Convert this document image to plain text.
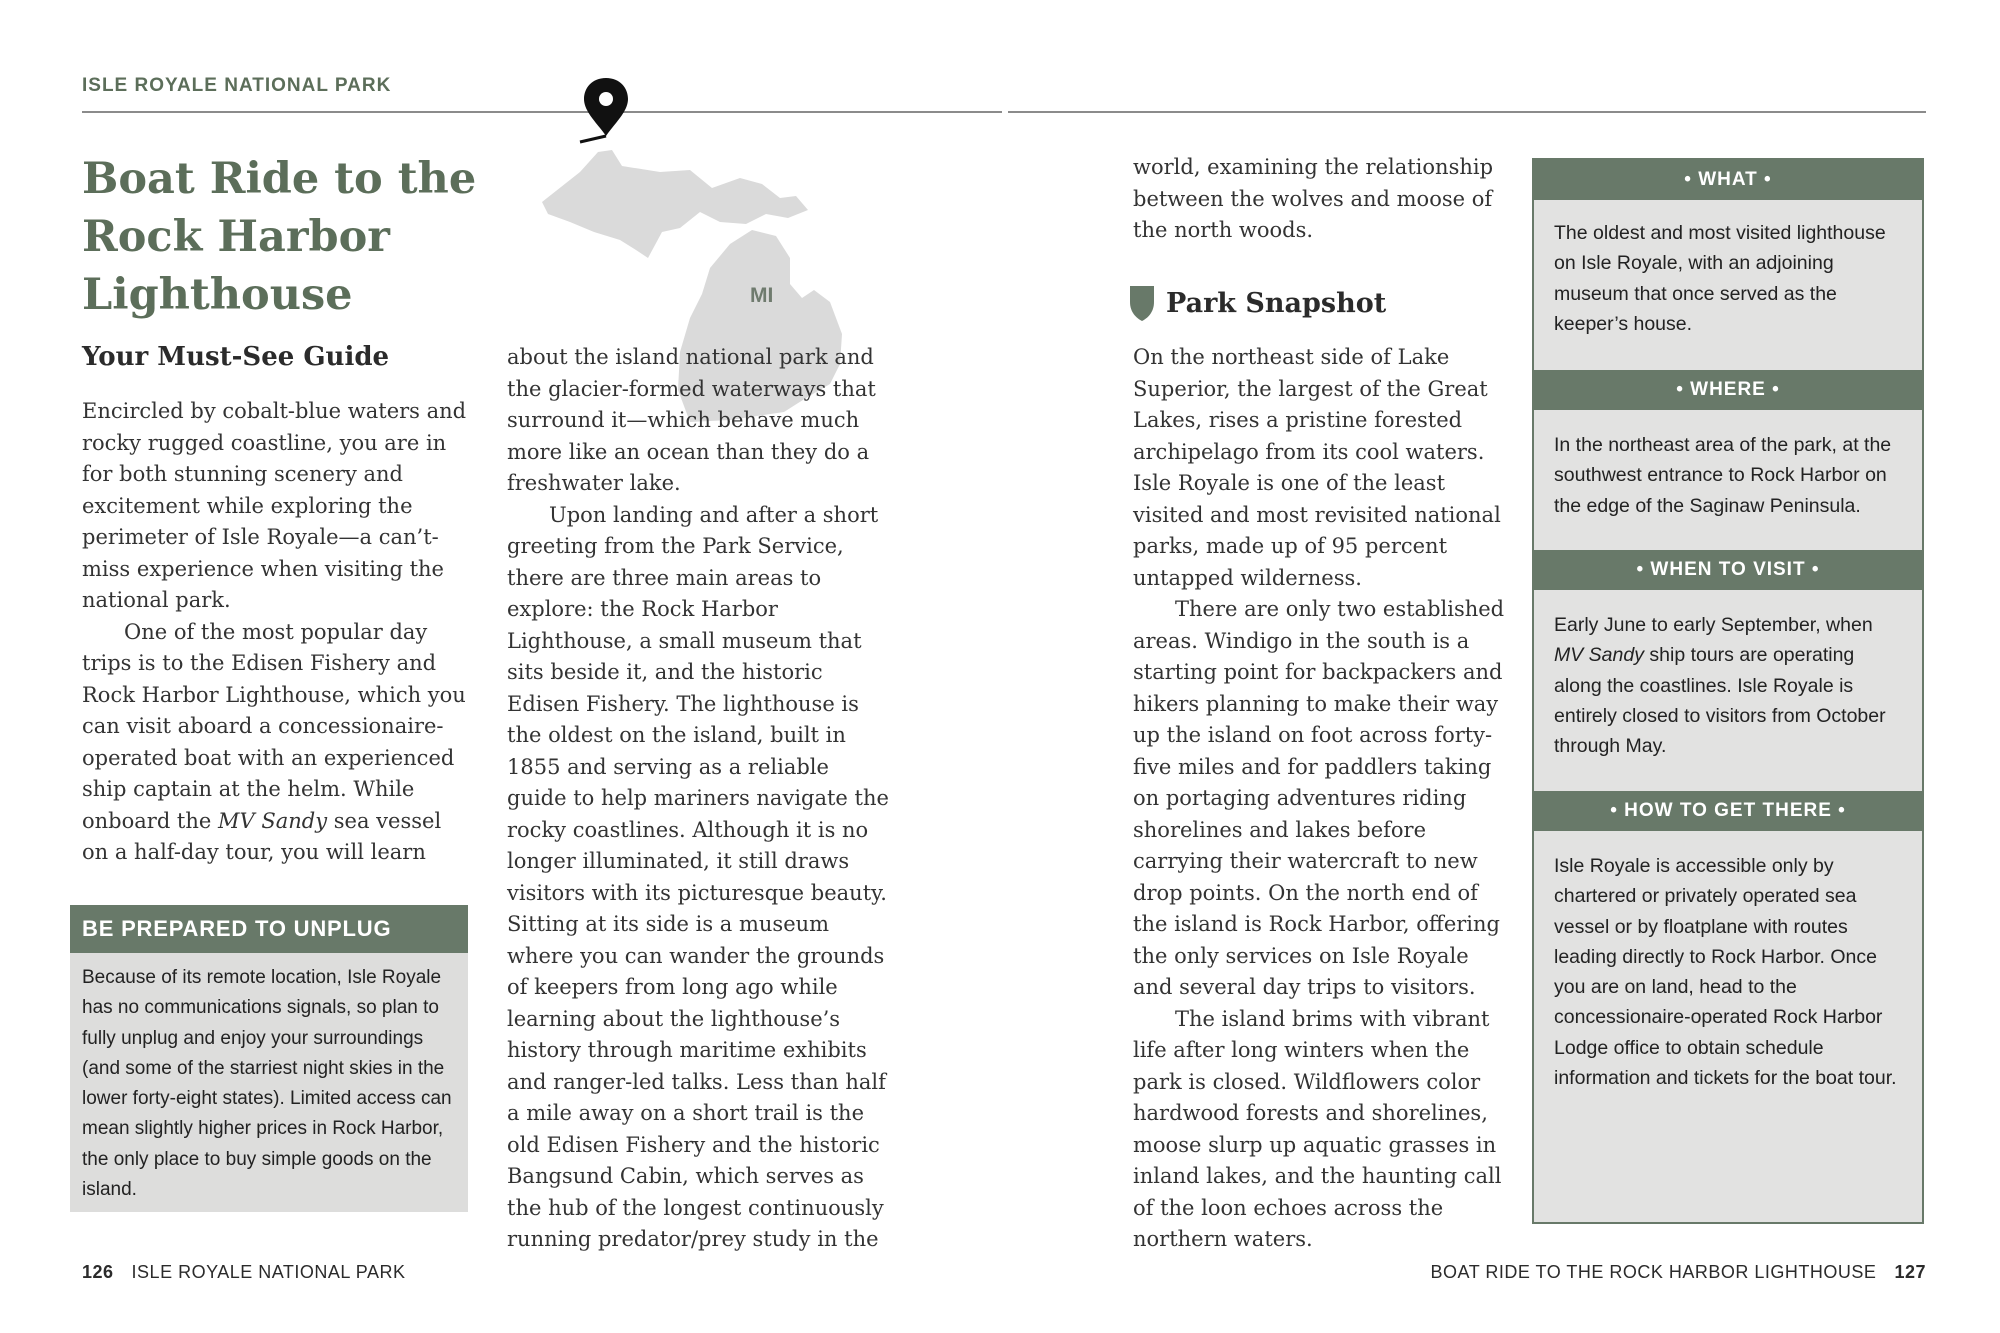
ISLE ROYALE NATIONAL PARK
MI
Boat Ride to the
Rock Harbor Lighthouse
Your Must-See Guide

Encircled by cobalt-blue waters and rocky rugged coastline, you are in for both stunning scenery and excitement while exploring the perimeter of Isle Royale—a can’t-miss experience when visiting the national park.

One of the most popular day trips is to the Edisen Fishery and Rock Harbor Lighthouse, which you can visit aboard a concessionaire-operated boat with an experienced ship captain at the helm. While onboard the MV Sandy sea vessel on a half-day tour, you will learn

BE PREPARED TO UNPLUG
Because of its remote location, Isle Royale has no communications signals, so plan to fully unplug and enjoy your surroundings (and some of the starriest night skies in the lower forty-eight states). Limited access can mean slightly higher prices in Rock Harbor, the only place to buy simple goods on the island.

about the island national park and the glacier-formed waterways that surround it—which behave much more like an ocean than they do a freshwater lake.

Upon landing and after a short greeting from the Park Service, there are three main areas to explore: the Rock Harbor Lighthouse, a small museum that sits beside it, and the historic Edisen Fishery. The lighthouse is the oldest on the island, built in 1855 and serving as a reliable guide to help mariners navigate the rocky coastlines. Although it is no longer illuminated, it still draws visitors with its picturesque beauty. Sitting at its side is a museum where you can wander the grounds of keepers from long ago while learning about the lighthouse’s history through maritime exhibits and ranger-led talks. Less than half a mile away on a short trail is the old Edisen Fishery and the historic Bangsund Cabin, which serves as the hub of the longest continuously running predator/prey study in the

world, examining the relationship between the wolves and moose of the north woods.

Park Snapshot

On the northeast side of Lake Superior, the largest of the Great Lakes, rises a pristine forested archipelago from its cool waters. Isle Royale is one of the least visited and most revisited national parks, made up of 95 percent untapped wilderness.

There are only two established areas. Windigo in the south is a starting point for backpackers and hikers planning to make their way up the island on foot across forty-five miles and for paddlers taking on portaging adventures riding shorelines and lakes before carrying their watercraft to new drop points. On the north end of the island is Rock Harbor, offering the only services on Isle Royale and several day trips to visitors.

The island brims with vibrant life after long winters when the park is closed. Wildflowers color hardwood forests and shorelines, moose slurp up aquatic grasses in inland lakes, and the haunting call of the loon echoes across the northern waters.

• WHAT •
The oldest and most visited lighthouse on Isle Royale, with an adjoining museum that once served as the keeper’s house.
• WHERE •
In the northeast area of the park, at the southwest entrance to Rock Harbor on the edge of the Saginaw Peninsula.
• WHEN TO VISIT •
Early June to early September, when MV Sandy ship tours are operating along the coastlines. Isle Royale is entirely closed to visitors from October through May.
• HOW TO GET THERE •
Isle Royale is accessible only by chartered or privately operated sea vessel or by floatplane with routes leading directly to Rock Harbor. Once you are on land, head to the concessionaire-operated Rock Harbor Lodge office to obtain schedule information and tickets for the boat tour.
126 ISLE ROYALE NATIONAL PARK	BOAT RIDE TO THE ROCK HARBOR LIGHTHOUSE 127
